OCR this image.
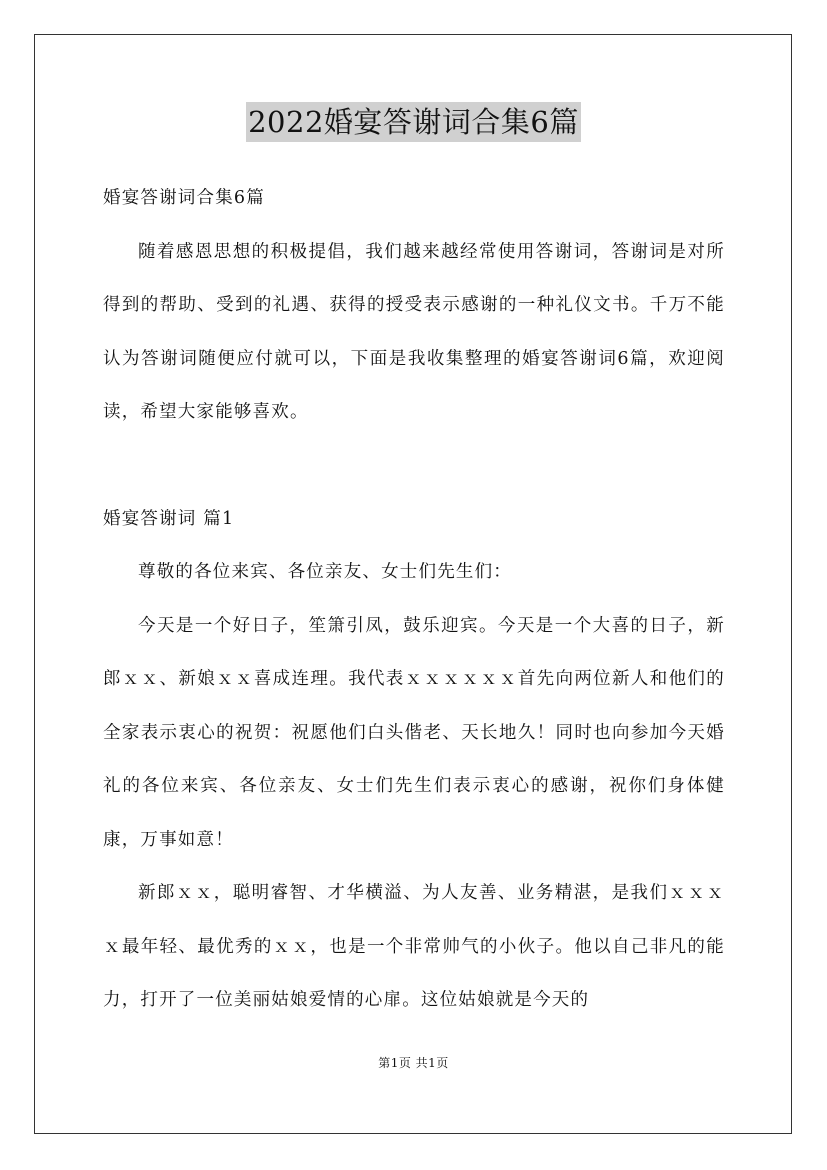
2022婚宴答谢词合集6篇

婚宴答谢词合集6篇

随着感恩思想的积极提倡，我们越来越经常使用答谢词，答谢词是对所得到的帮助、受到的礼遇、获得的授受表示感谢的一种礼仪文书。千万不能认为答谢词随便应付就可以，下面是我收集整理的婚宴答谢词6篇，欢迎阅读，希望大家能够喜欢。

婚宴答谢词 篇1

尊敬的各位来宾、各位亲友、女士们先生们：

今天是一个好日子，笙箫引凤，鼓乐迎宾。今天是一个大喜的日子，新郎ｘｘ、新娘ｘｘ喜成连理。我代表ｘｘｘｘｘｘ首先向两位新人和他们的全家表示衷心的祝贺：祝愿他们白头偕老、天长地久！同时也向参加今天婚礼的各位来宾、各位亲友、女士们先生们表示衷心的感谢，祝你们身体健康，万事如意！

新郎ｘｘ，聪明睿智、才华横溢、为人友善、业务精湛，是我们ｘｘｘｘ最年轻、最优秀的ｘｘ，也是一个非常帅气的小伙子。他以自己非凡的能力，打开了一位美丽姑娘爱情的心扉。这位姑娘就是今天的

第1页 共1页
